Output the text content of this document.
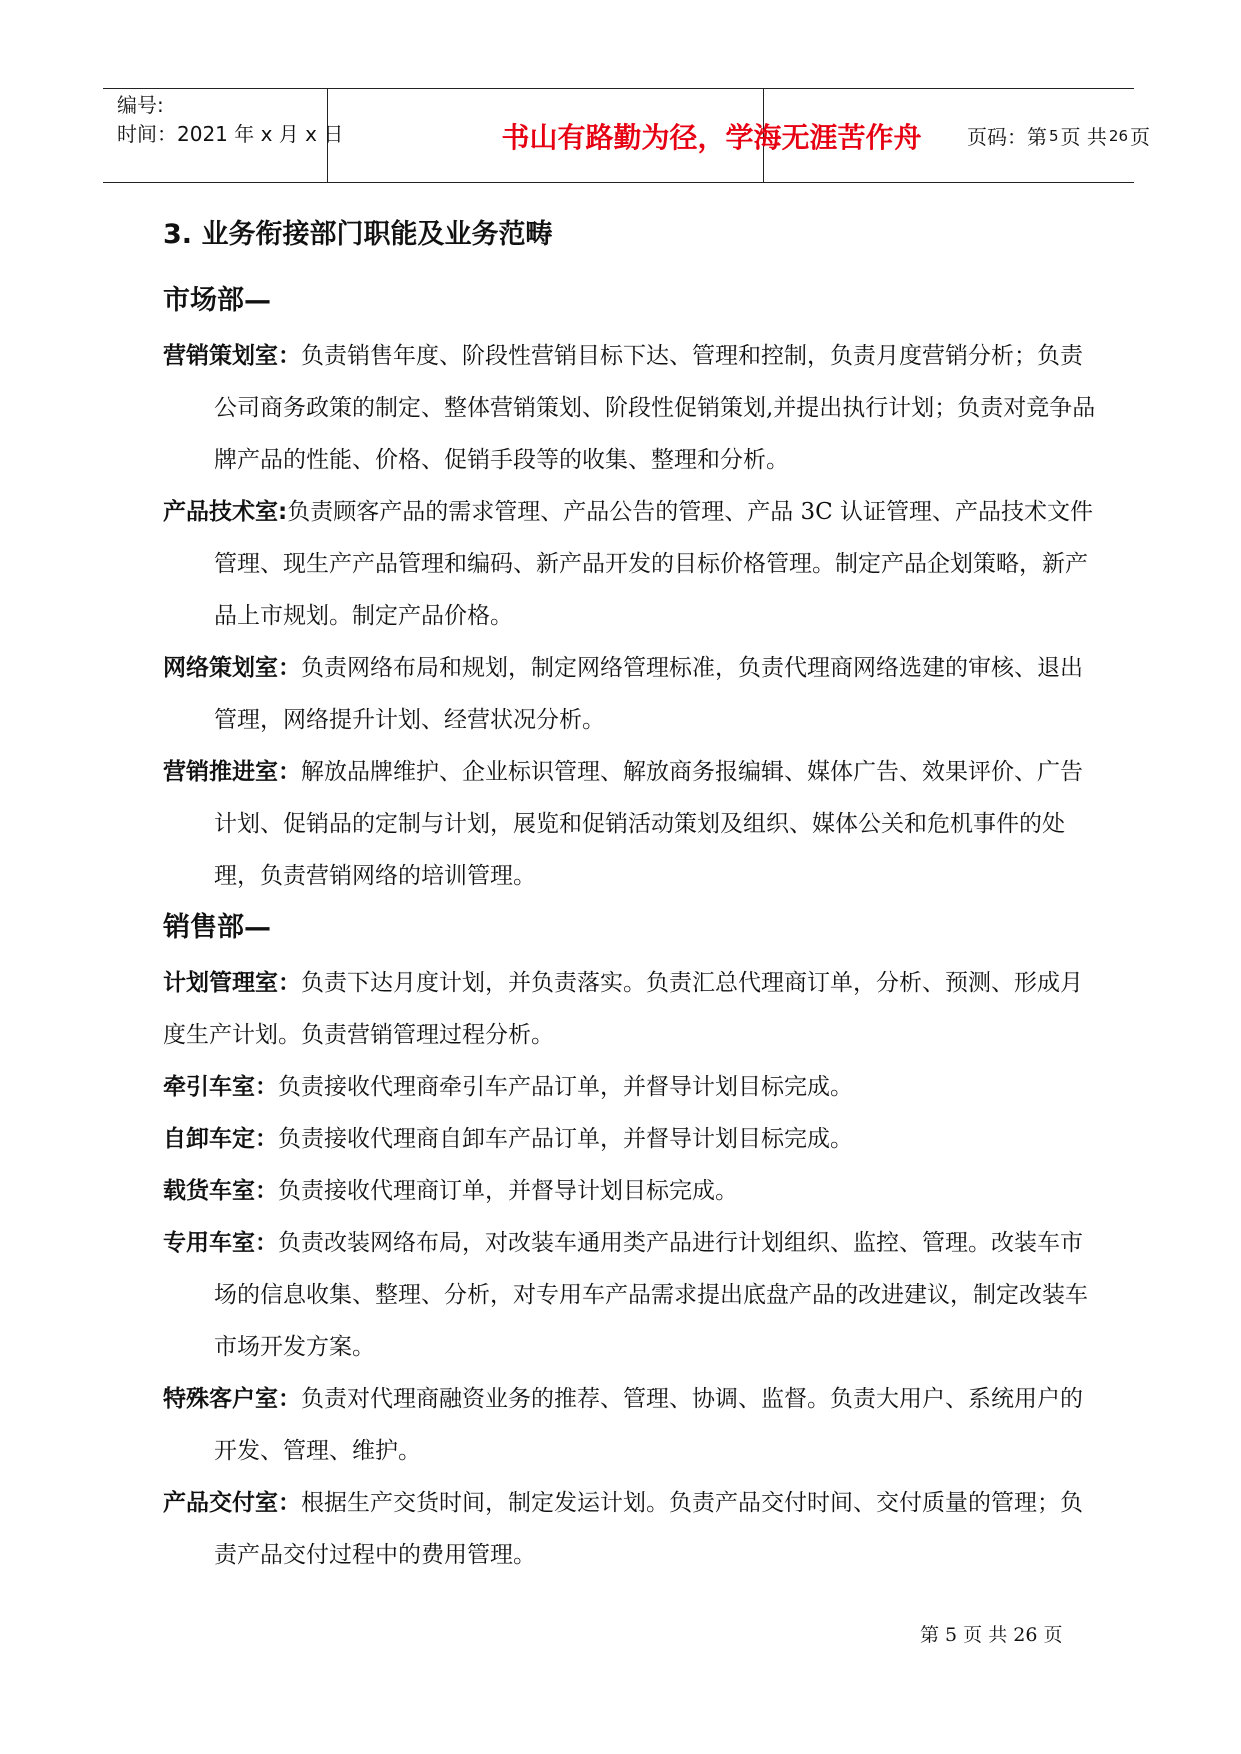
编号:
时间：2021 年 x 月 x 日	书山有路勤为径，学海无涯苦作舟	页码：第 5 页 共 26 页
3. 业务衔接部门职能及业务范畴
市场部—
营销策划室：负责销售年度、阶段性营销目标下达、管理和控制，负责月度营销分析；负责公司商务政策的制定、整体营销策划、阶段性促销策划,并提出执行计划；负责对竞争品牌产品的性能、价格、促销手段等的收集、整理和分析。
产品技术室:负责顾客产品的需求管理、产品公告的管理、产品 3C 认证管理、产品技术文件管理、现生产产品管理和编码、新产品开发的目标价格管理。制定产品企划策略，新产品上市规划。制定产品价格。
网络策划室：负责网络布局和规划，制定网络管理标准，负责代理商网络选建的审核、退出管理，网络提升计划、经营状况分析。
营销推进室：解放品牌维护、企业标识管理、解放商务报编辑、媒体广告、效果评价、广告计划、促销品的定制与计划，展览和促销活动策划及组织、媒体公关和危机事件的处理，负责营销网络的培训管理。
销售部—
计划管理室：负责下达月度计划，并负责落实。负责汇总代理商订单，分析、预测、形成月度生产计划。负责营销管理过程分析。
牵引车室：负责接收代理商牵引车产品订单，并督导计划目标完成。
自卸车定：负责接收代理商自卸车产品订单，并督导计划目标完成。
载货车室：负责接收代理商订单，并督导计划目标完成。
专用车室：负责改装网络布局，对改装车通用类产品进行计划组织、监控、管理。改装车市场的信息收集、整理、分析，对专用车产品需求提出底盘产品的改进建议，制定改装车市场开发方案。
特殊客户室：负责对代理商融资业务的推荐、管理、协调、监督。负责大用户、系统用户的开发、管理、维护。
产品交付室：根据生产交货时间，制定发运计划。负责产品交付时间、交付质量的管理；负责产品交付过程中的费用管理。
第 5 页 共 26 页
